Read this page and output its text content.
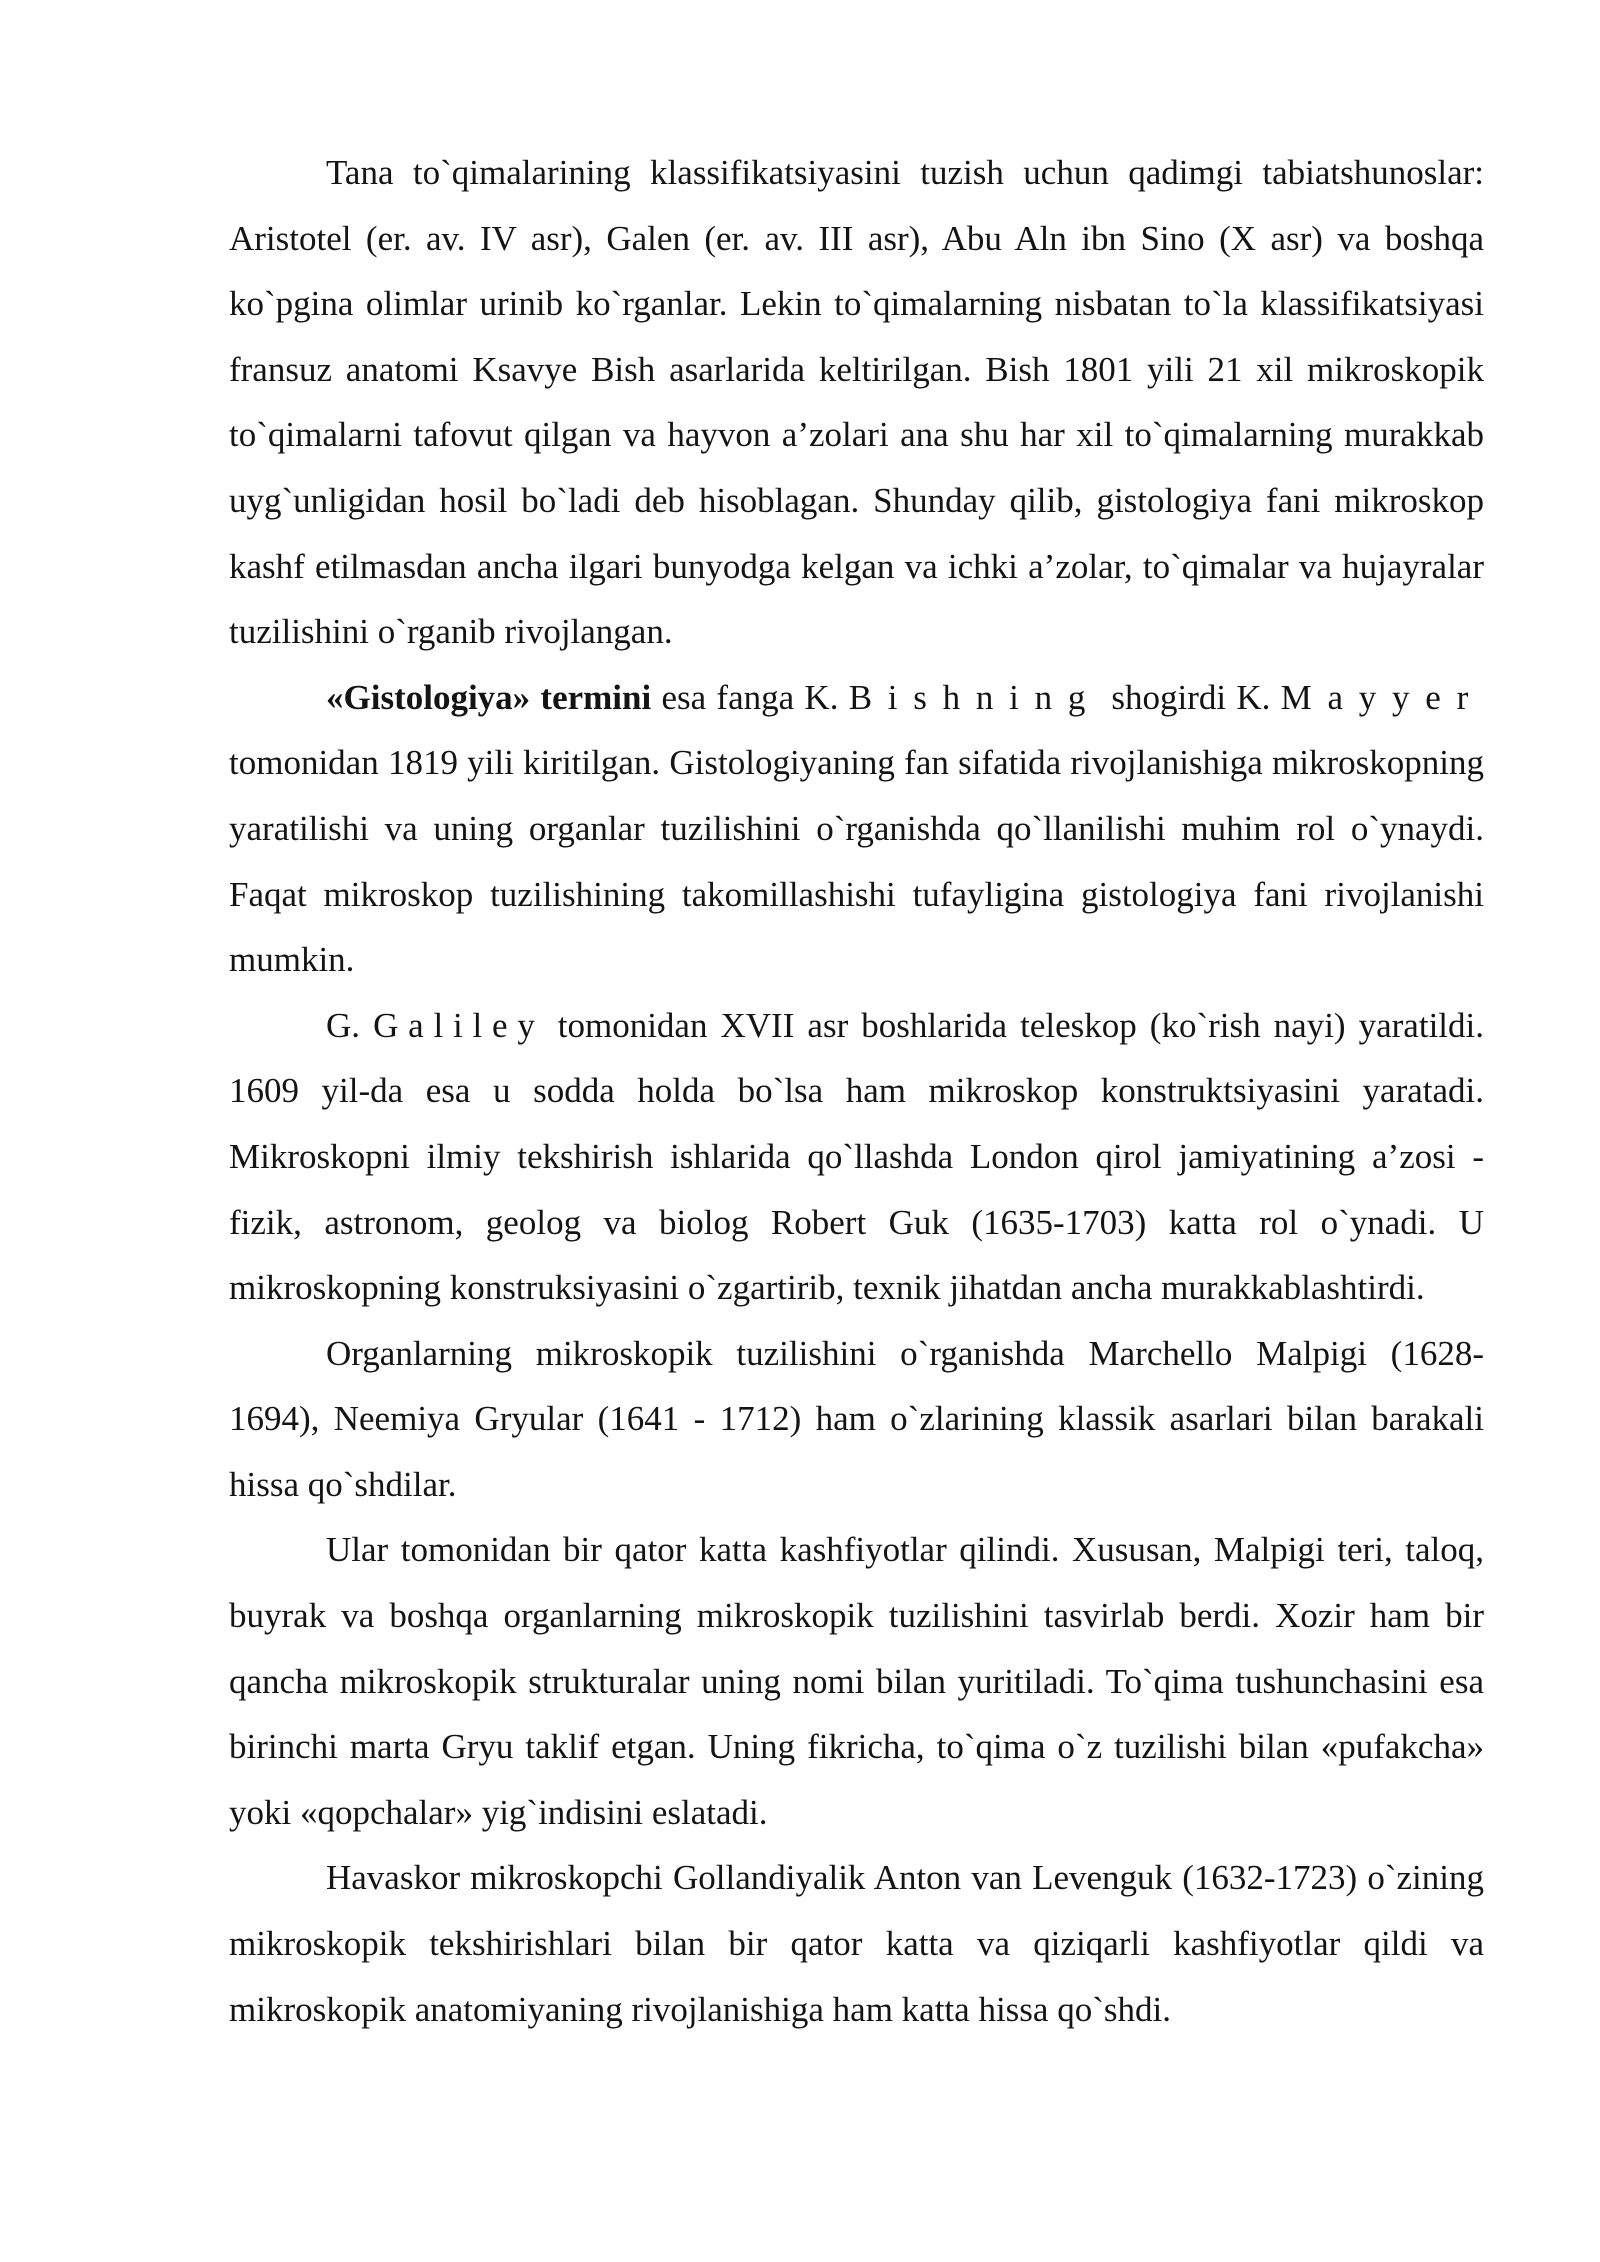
Tana to`qimalarining klassifikatsiyasini tuzish uchun qadimgi tabiatshunoslar: Aristotel (er. av. IV asr), Galen (er. av. III asr), Abu Aln ibn Sino (X asr) va boshqa ko`pgina olimlar urinib ko`rganlar. Lekin to`qimalarning nisbatan to`la klassifikatsiyasi fransuz anatomi Ksavye Bish asarlarida keltirilgan. Bish 1801 yili 21 xil mikroskopik to`qimalarni tafovut qilgan va hayvon a’zolari ana shu har xil to`qimalarning murakkab uyg`unligidan hosil bo`ladi deb hisoblagan. Shunday qilib, gistologiya fani mikroskop kashf etilmasdan ancha ilgari bunyodga kelgan va ichki a’zolar, to`qimalar va hujayralar tuzilishini o`rganib rivojlangan.

«Gistologiya» termini esa fanga K. Bishning shogirdi K. Mayyer tomonidan 1819 yili kiritilgan. Gistologiyaning fan sifatida rivojlanishiga mikroskopning yaratilishi va uning organlar tuzilishini o`rganishda qo`llanilishi muhim rol o`ynaydi. Faqat mikroskop tuzilishining takomillashishi tufayligina gistologiya fani rivojlanishi mumkin.

G. Galiley tomonidan XVII asr boshlarida teleskop (ko`rish nayi) yaratildi. 1609 yil-da esa u sodda holda bo`lsa ham mikroskop konstruktsiyasini yaratadi. Mikroskopni ilmiy tekshirish ishlarida qo`llashda London qirol jamiyatining a’zosi - fizik, astronom, geolog va biolog Robert Guk (1635-1703) katta rol o`ynadi. U mikroskopning konstruksiyasini o`zgartirib, texnik jihatdan ancha murakkablashtirdi.

Organlarning mikroskopik tuzilishini o`rganishda Marchello Malpigi (1628-1694), Neemiya Gryular (1641 - 1712) ham o`zlarining klassik asarlari bilan barakali hissa qo`shdilar.

Ular tomonidan bir qator katta kashfiyotlar qilindi. Xususan, Malpigi teri, taloq, buyrak va boshqa organlarning mikroskopik tuzilishini tasvirlab berdi. Xozir ham bir qancha mikroskopik strukturalar uning nomi bilan yuritiladi. To`qima tushunchasini esa birinchi marta Gryu taklif etgan. Uning fikricha, to`qima o`z tuzilishi bilan «pufakcha» yoki «qopchalar» yig`indisini eslatadi.

Havaskor mikroskopchi Gollandiyalik Anton van Levenguk (1632-1723) o`zining mikroskopik tekshirishlari bilan bir qator katta va qiziqarli kashfiyotlar qildi va mikroskopik anatomiyaning rivojlanishiga ham katta hissa qo`shdi.
